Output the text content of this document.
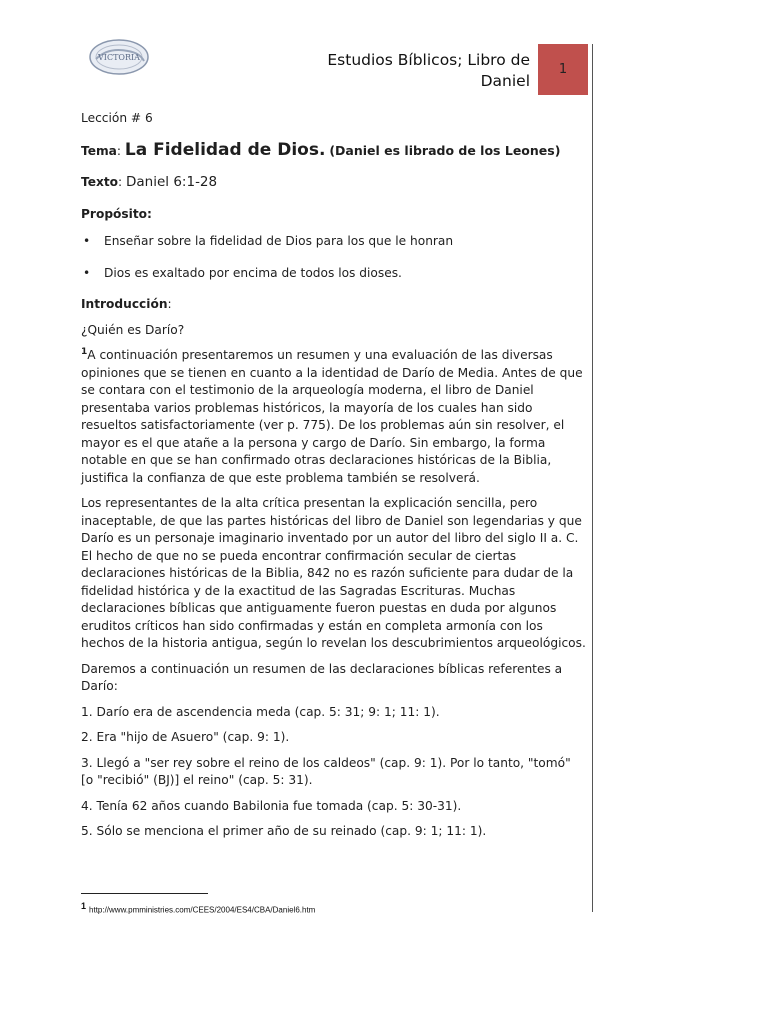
VICTORIA	Estudios Bíblicos; Libro de
Daniel
1

Lección # 6

Tema: La Fidelidad de Dios. (Daniel es librado de los Leones)

Texto: Daniel 6:1-28

Propósito:

• Enseñar sobre la fidelidad de Dios para los que le honran
• Dios es exaltado por encima de todos los dioses.

Introducción:

¿Quién es Darío?

$^1$A continuación presentaremos un resumen y una evaluación de las diversas opiniones que se tienen en cuanto a la identidad de Darío de Media. Antes de que se contara con el testimonio de la arqueología moderna, el libro de Daniel presentaba varios problemas históricos, la mayoría de los cuales han sido resueltos satisfactoriamente (ver p. 775). De los problemas aún sin resolver, el mayor es el que atañe a la persona y cargo de Darío. Sin embargo, la forma notable en que se han confirmado otras declaraciones históricas de la Biblia, justifica la confianza de que este problema también se resolverá.

Los representantes de la alta crítica presentan la explicación sencilla, pero inaceptable, de que las partes históricas del libro de Daniel son legendarias y que Darío es un personaje imaginario inventado por un autor del libro del siglo II a. C. El hecho de que no se pueda encontrar confirmación secular de ciertas declaraciones históricas de la Biblia, 842 no es razón suficiente para dudar de la fidelidad histórica y de la exactitud de las Sagradas Escrituras. Muchas declaraciones bíblicas que antiguamente fueron puestas en duda por algunos eruditos críticos han sido confirmadas y están en completa armonía con los hechos de la historia antigua, según lo revelan los descubrimientos arqueológicos.

Daremos a continuación un resumen de las declaraciones bíblicas referentes a Darío:

1. Darío era de ascendencia meda (cap. 5: 31; 9: 1; 11: 1).

2. Era "hijo de Asuero" (cap. 9: 1).

3. Llegó a "ser rey sobre el reino de los caldeos" (cap. 9: 1). Por lo tanto, "tomó" [o "recibió" (BJ)] el reino" (cap. 5: 31).

4. Tenía 62 años cuando Babilonia fue tomada (cap. 5: 30-31).

5. Sólo se menciona el primer año de su reinado (cap. 9: 1; 11: 1).

1 http://www.pmministries.com/CEES/2004/ES4/CBA/Daniel6.htm
